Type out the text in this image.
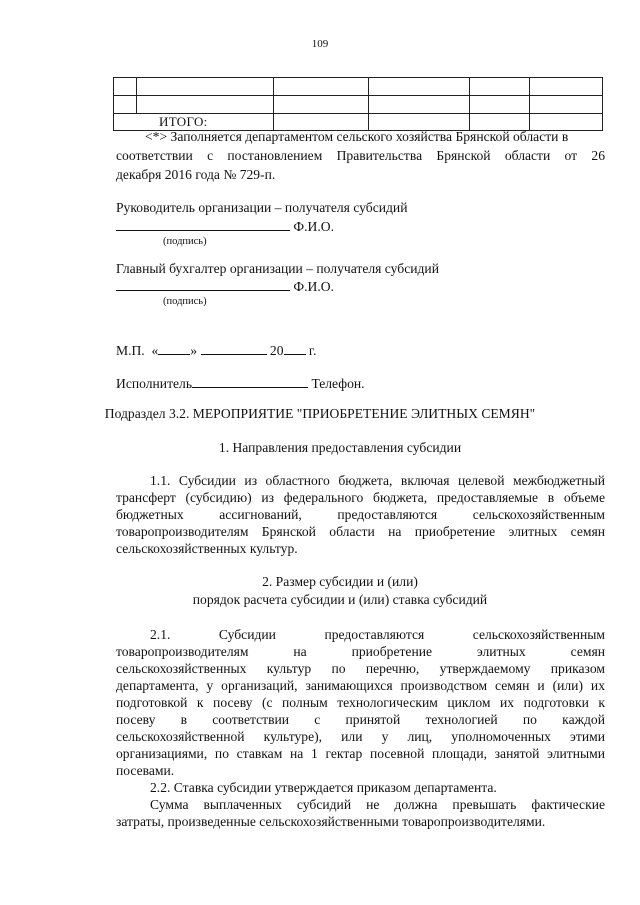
109

ИТОГО:					
<*> Заполняется департаментом сельского хозяйства Брянской области в
соответствии с постановлением Правительства Брянской области от 26
декабря 2016 года № 729-п.
Руководитель организации – получателя субсидий
Ф.И.О.
(подпись)
Главный бухгалтер организации – получателя субсидий
Ф.И.О.
(подпись)
М.П. « »	20 г.
Исполнитель	Телефон.
Подраздел 3.2. МЕРОПРИЯТИЕ "ПРИОБРЕТЕНИЕ ЭЛИТНЫХ СЕМЯН"
1. Направления предоставления субсидии
1.1. Субсидии из областного бюджета, включая целевой межбюджетный
трансферт (субсидию) из федерального бюджета, предоставляемые в объеме
бюджетных ассигнований, предоставляются сельскохозяйственным
товаропроизводителям Брянской области на приобретение элитных семян
сельскохозяйственных культур.
2. Размер субсидии и (или)
порядок расчета субсидии и (или) ставка субсидий
2.1. Субсидии предоставляются сельскохозяйственным
товаропроизводителям на приобретение элитных семян
сельскохозяйственных культур по перечню, утверждаемому приказом
департамента, у организаций, занимающихся производством семян и (или) их
подготовкой к посеву (с полным технологическим циклом их подготовки к
посеву в соответствии с принятой технологией по каждой
сельскохозяйственной культуре), или у лиц, уполномоченных этими
организациями, по ставкам на 1 гектар посевной площади, занятой элитными
посевами.
2.2. Ставка субсидии утверждается приказом департамента.
Сумма выплаченных субсидий не должна превышать фактические
затраты, произведенные сельскохозяйственными товаропроизводителями.
